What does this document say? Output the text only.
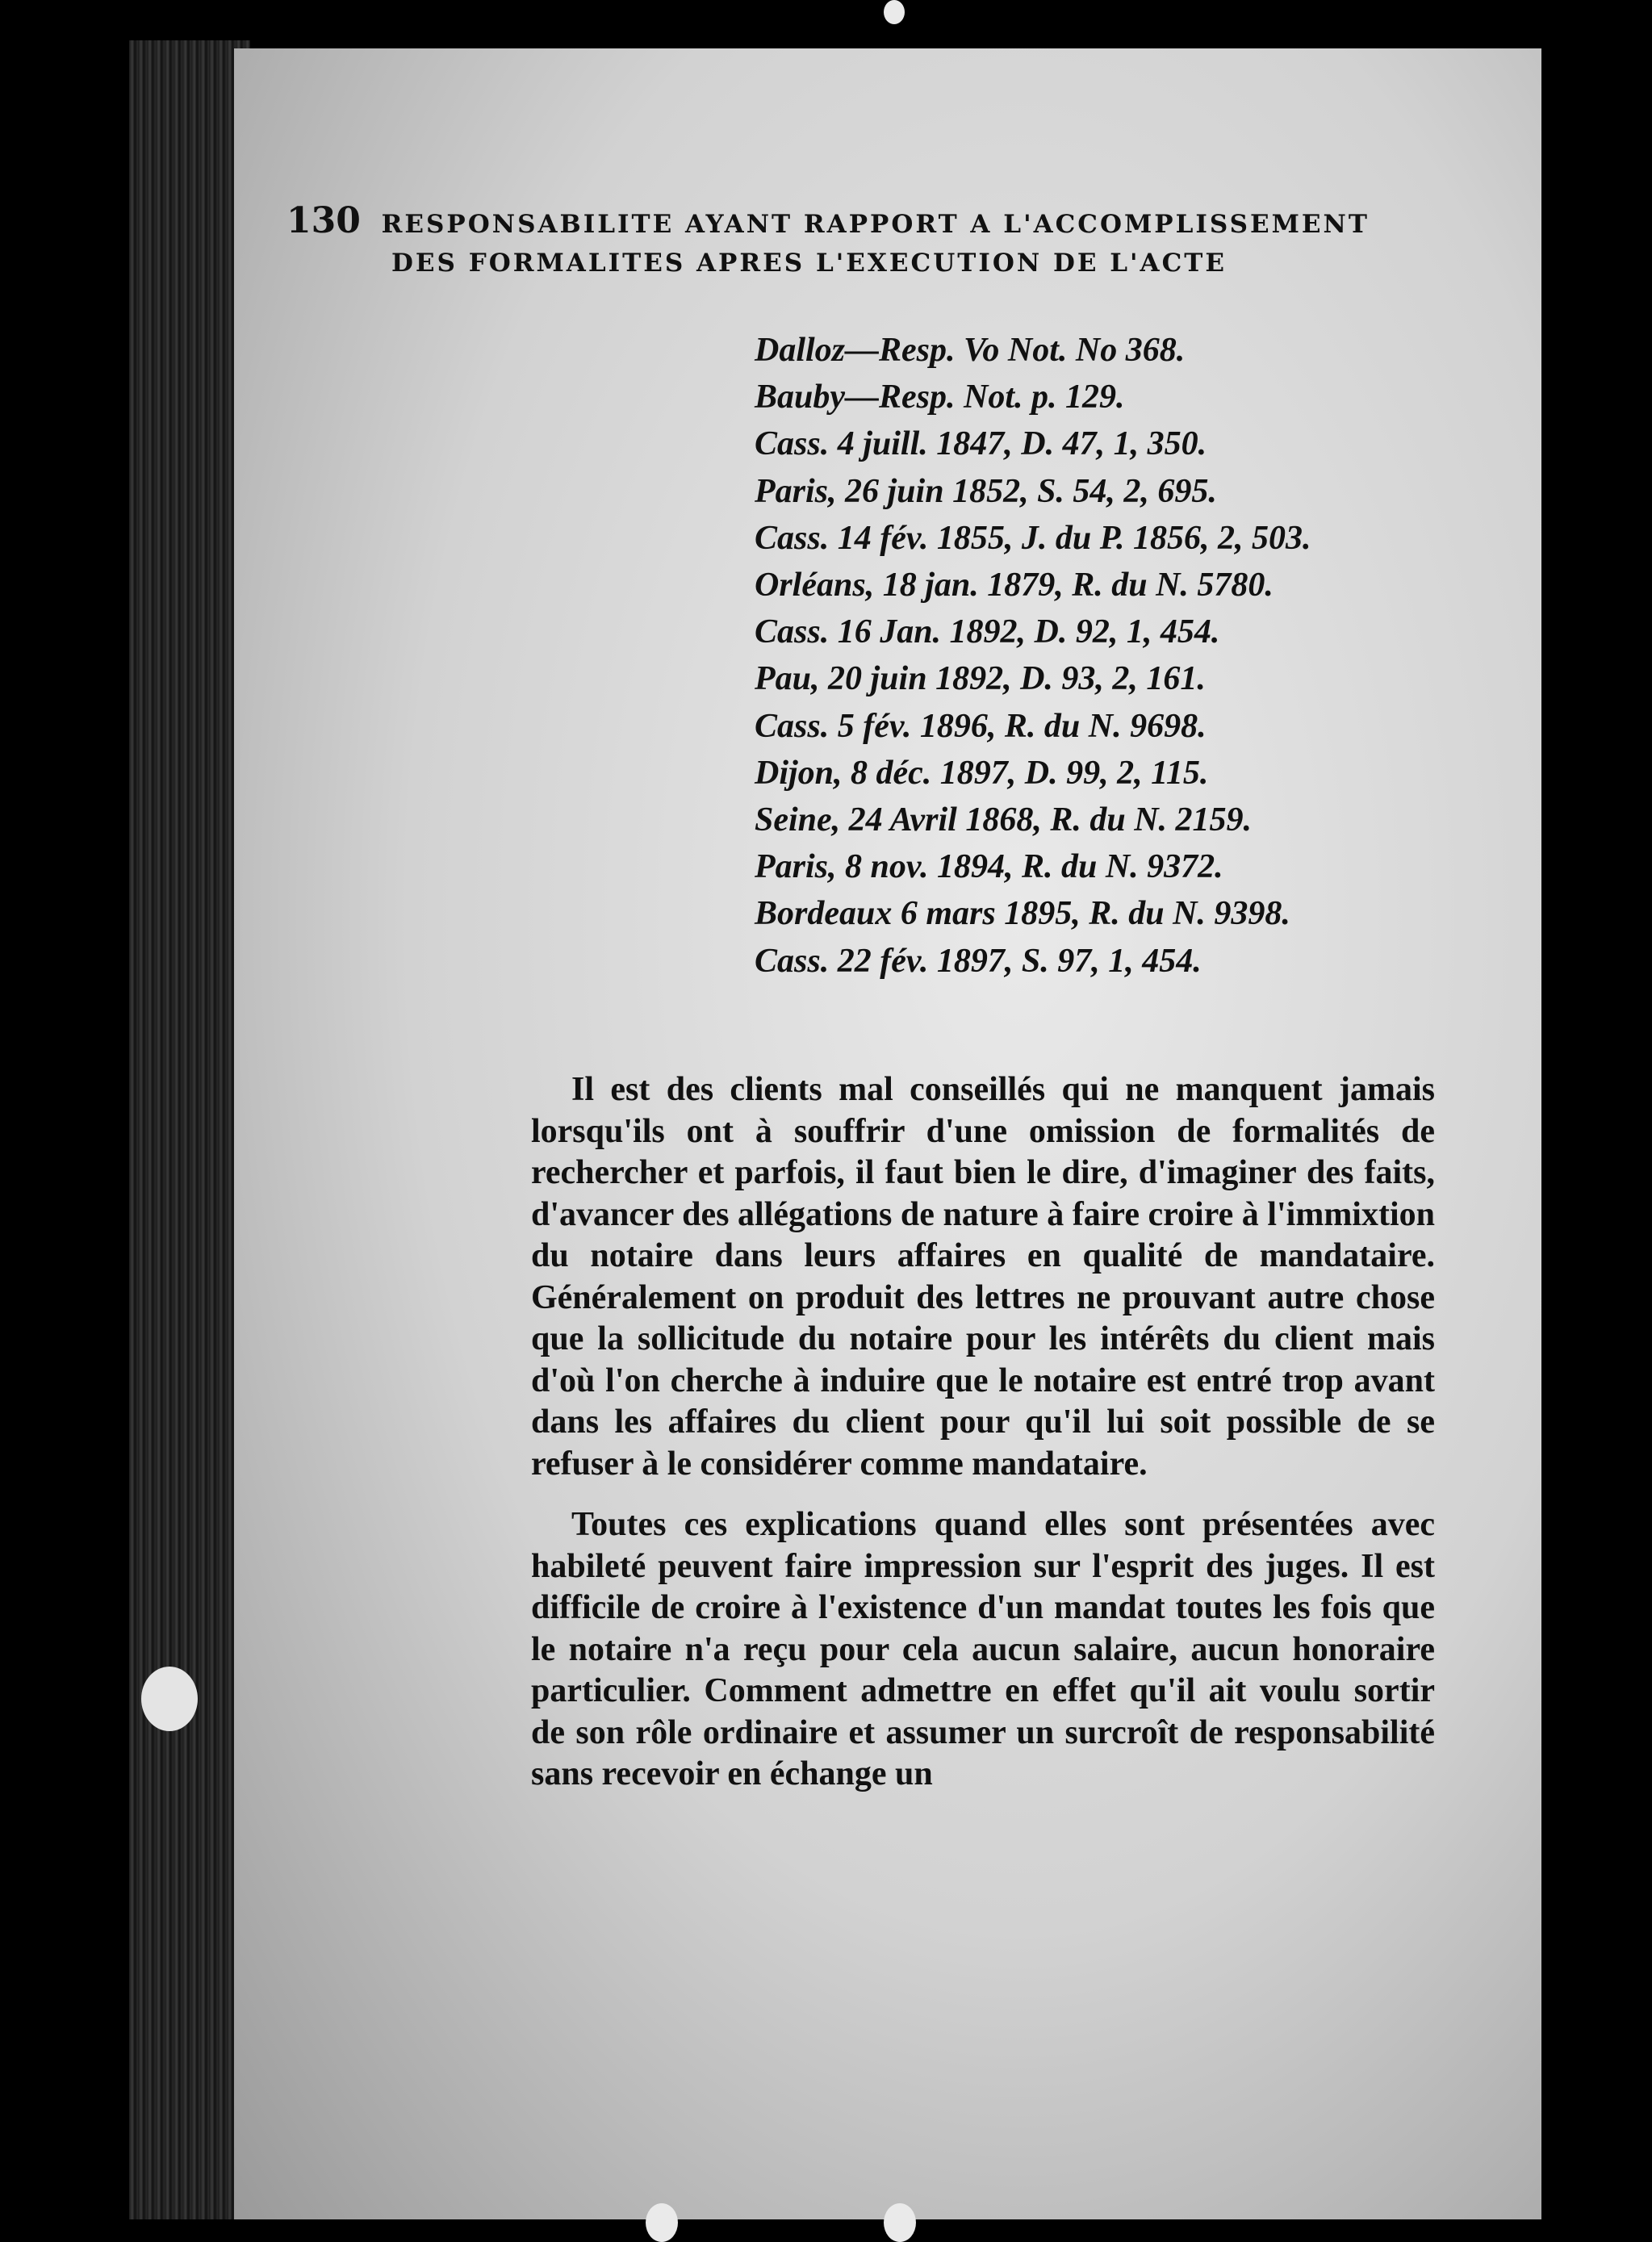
130 RESPONSABILITE AYANT RAPPORT A L'ACCOMPLISSEMENT
DES FORMALITES APRES L'EXECUTION DE L'ACTE
Dalloz—Resp. Vo Not. No 368.
Bauby—Resp. Not. p. 129.
Cass. 4 juill. 1847, D. 47, 1, 350.
Paris, 26 juin 1852, S. 54, 2, 695.
Cass. 14 fév. 1855, J. du P. 1856, 2, 503.
Orléans, 18 jan. 1879, R. du N. 5780.
Cass. 16 Jan. 1892, D. 92, 1, 454.
Pau, 20 juin 1892, D. 93, 2, 161.
Cass. 5 fév. 1896, R. du N. 9698.
Dijon, 8 déc. 1897, D. 99, 2, 115.
Seine, 24 Avril 1868, R. du N. 2159.
Paris, 8 nov. 1894, R. du N. 9372.
Bordeaux 6 mars 1895, R. du N. 9398.
Cass. 22 fév. 1897, S. 97, 1, 454.

Il est des clients mal conseillés qui ne manquent jamais lorsqu'ils ont à souffrir d'une omission de formalités de rechercher et parfois, il faut bien le dire, d'imaginer des faits, d'avancer des allégations de nature à faire croire à l'immixtion du notaire dans leurs affaires en qualité de mandataire. Généralement on produit des lettres ne prouvant autre chose que la sollicitude du notaire pour les intérêts du client mais d'où l'on cherche à induire que le notaire est entré trop avant dans les affaires du client pour qu'il lui soit possible de se refuser à le considérer comme mandataire.

Toutes ces explications quand elles sont présentées avec habileté peuvent faire impression sur l'esprit des juges. Il est difficile de croire à l'existence d'un mandat toutes les fois que le notaire n'a reçu pour cela aucun salaire, aucun honoraire particulier. Comment admettre en effet qu'il ait voulu sortir de son rôle ordinaire et assumer un surcroît de responsabilité sans recevoir en échange un
